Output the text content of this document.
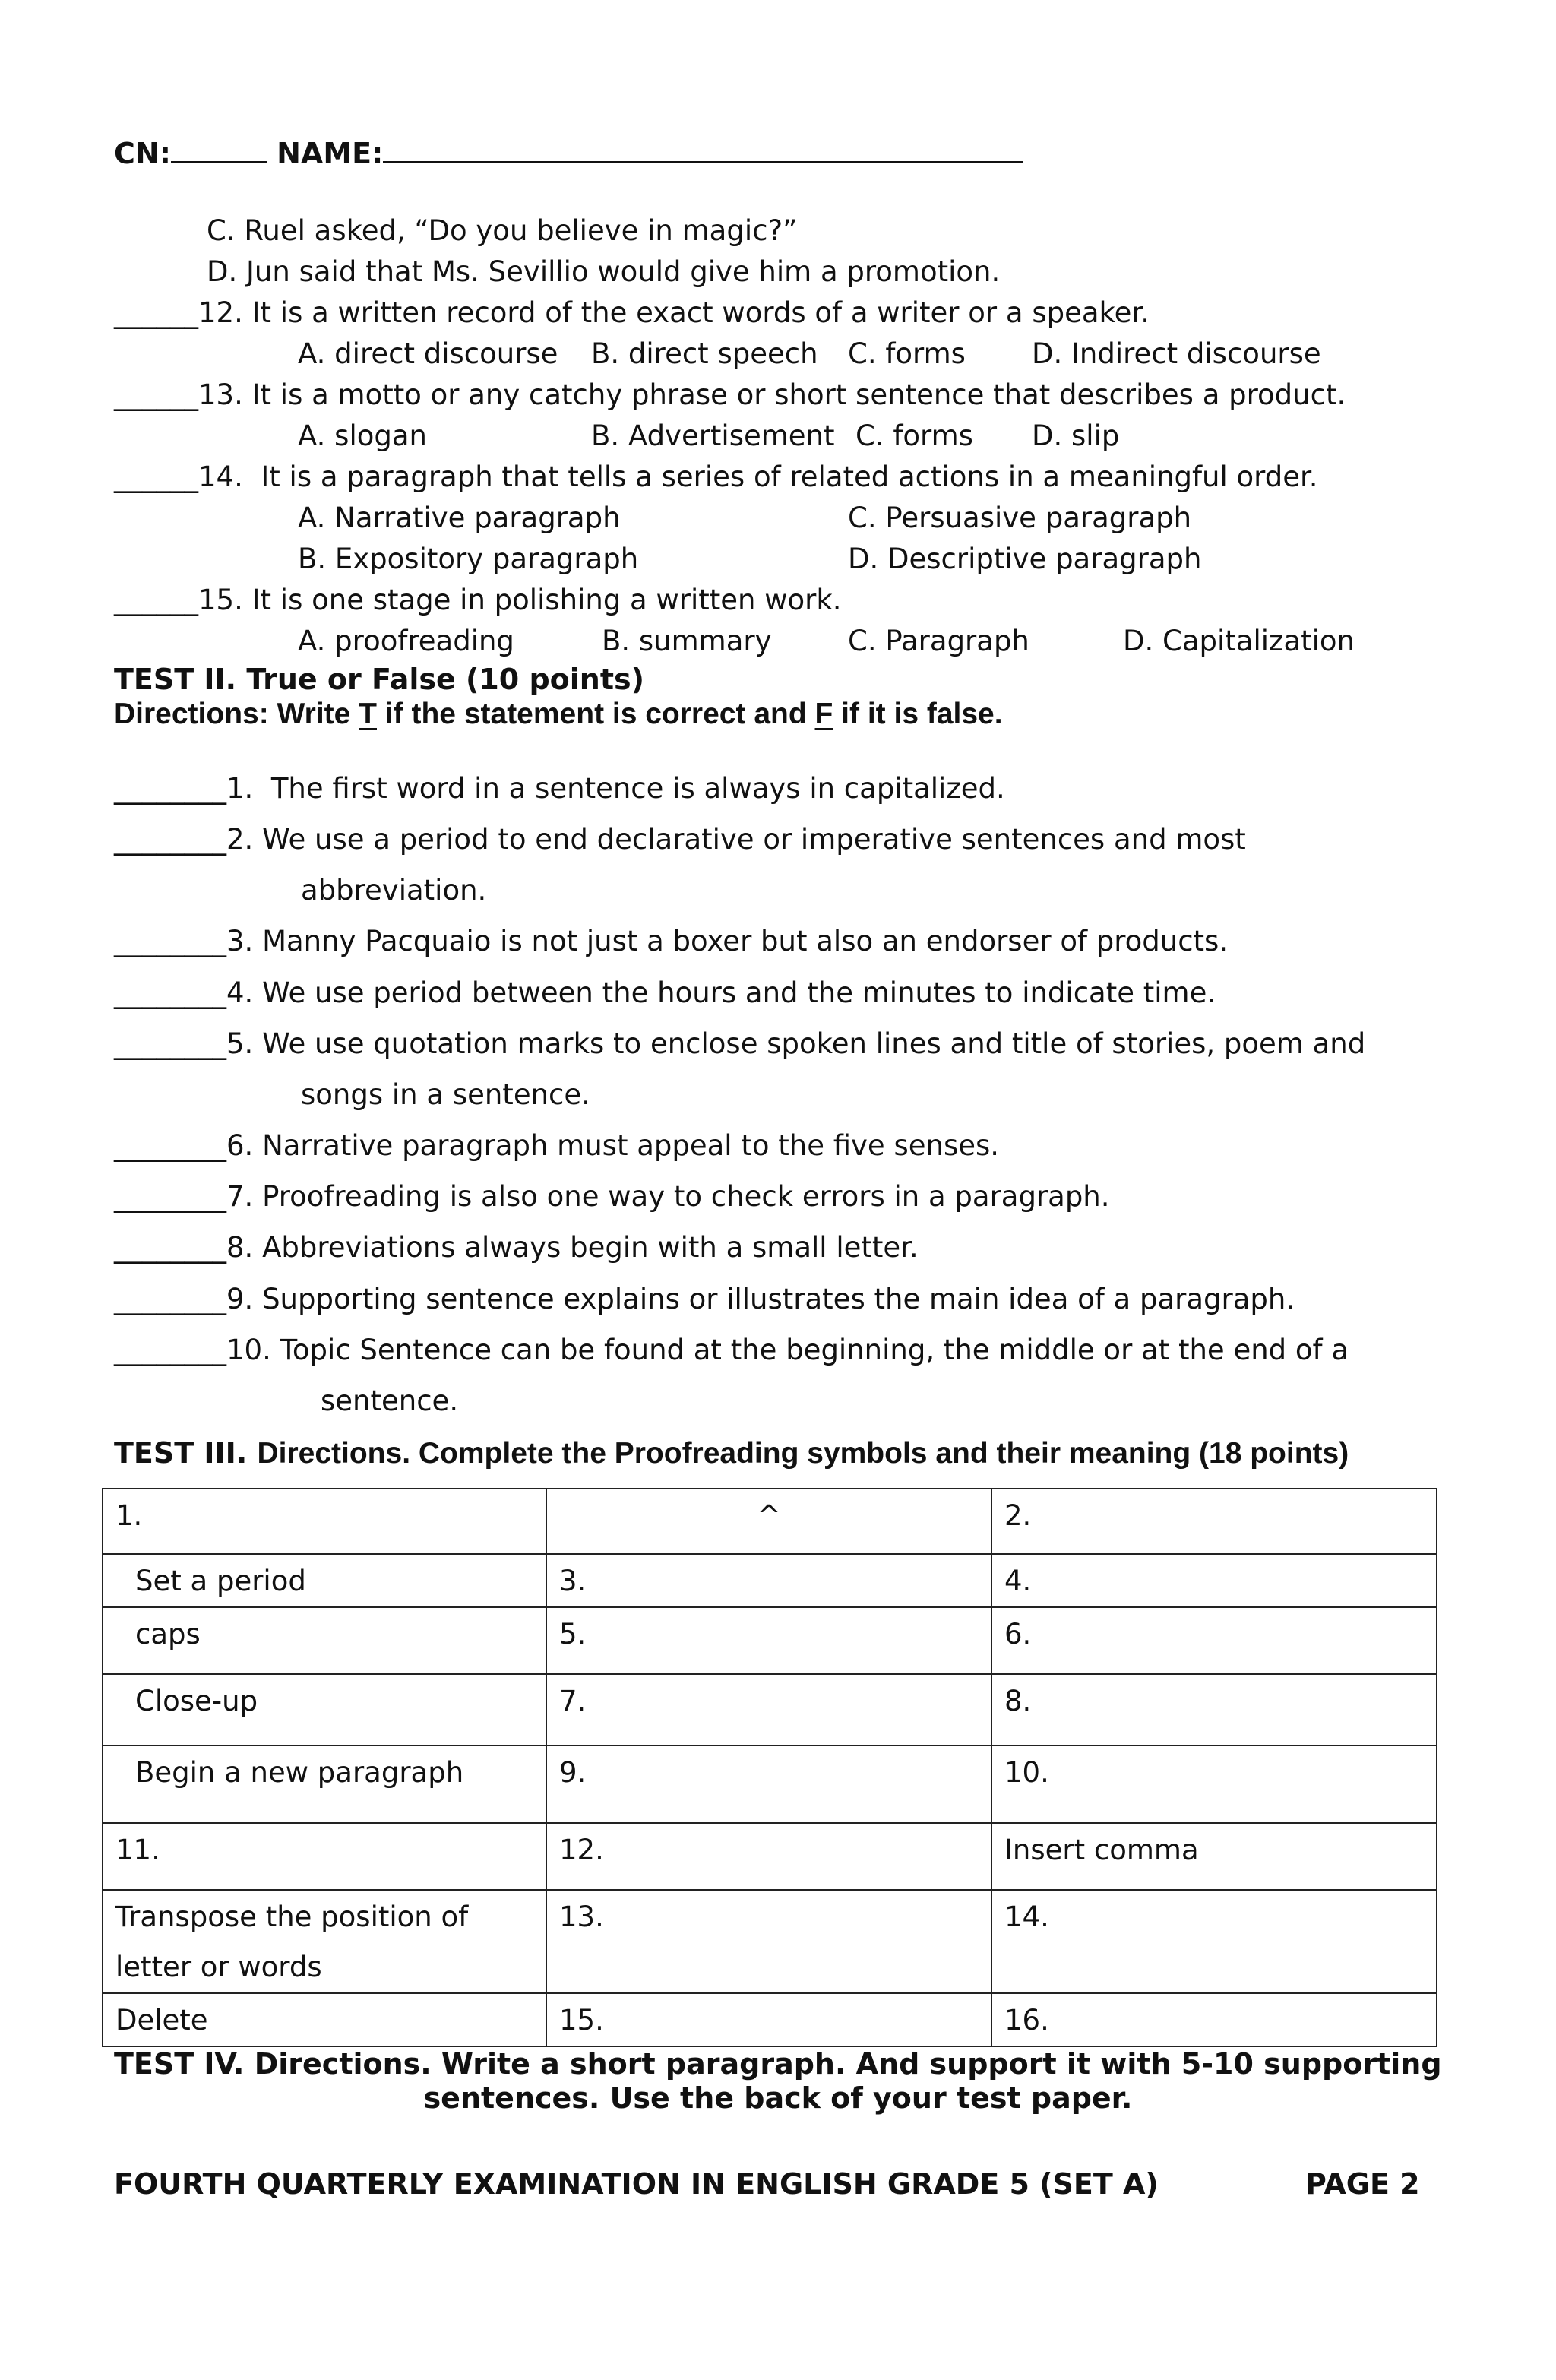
CN:	NAME:
C. Ruel asked, “Do you believe in magic?”
D. Jun said that Ms. Sevillio would give him a promotion.
______12. It is a written record of the exact words of a writer or a speaker.
A. direct discourse B. direct speech C. forms D. Indirect discourse
______13. It is a motto or any catchy phrase or short sentence that describes a product.
A. slogan	B. Advertisement C. forms D. slip
______14.  It is a paragraph that tells a series of related actions in a meaningful order.
A. Narrative paragraph	C. Persuasive paragraph
B. Expository paragraph	D. Descriptive paragraph
______15. It is one stage in polishing a written work.
A. proofreading	B. summary	C. Paragraph	D. Capitalization
TEST II. True or False (10 points)
Directions: Write T if the statement is correct and F if it is false.
________1.  The first word in a sentence is always in capitalized.
________2. We use a period to end declarative or imperative sentences and most
abbreviation.
________3. Manny Pacquaio is not just a boxer but also an endorser of products.
________4. We use period between the hours and the minutes to indicate time.
________5. We use quotation marks to enclose spoken lines and title of stories, poem and
songs in a sentence.
________6. Narrative paragraph must appeal to the five senses.
________7. Proofreading is also one way to check errors in a paragraph.
________8. Abbreviations always begin with a small letter.
________9. Supporting sentence explains or illustrates the main idea of a paragraph.
________10. Topic Sentence can be found at the beginning, the middle or at the end of a
sentence.
TEST III. Directions. Complete the Proofreading symbols and their meaning (18 points)
1.	^	2.
Set a period	3.	4.
caps	5.	6.
Close-up	7.	8.
Begin a new paragraph	9.	10.
11.	12.	Insert comma

Transpose the position of
letter or words	13.	14.
Delete	15.	16.
TEST IV. Directions. Write a short paragraph. And support it with 5-10 supporting
sentences. Use the back of your test paper.
FOURTH QUARTERLY EXAMINATION IN ENGLISH GRADE 5 (SET A)	PAGE 2
